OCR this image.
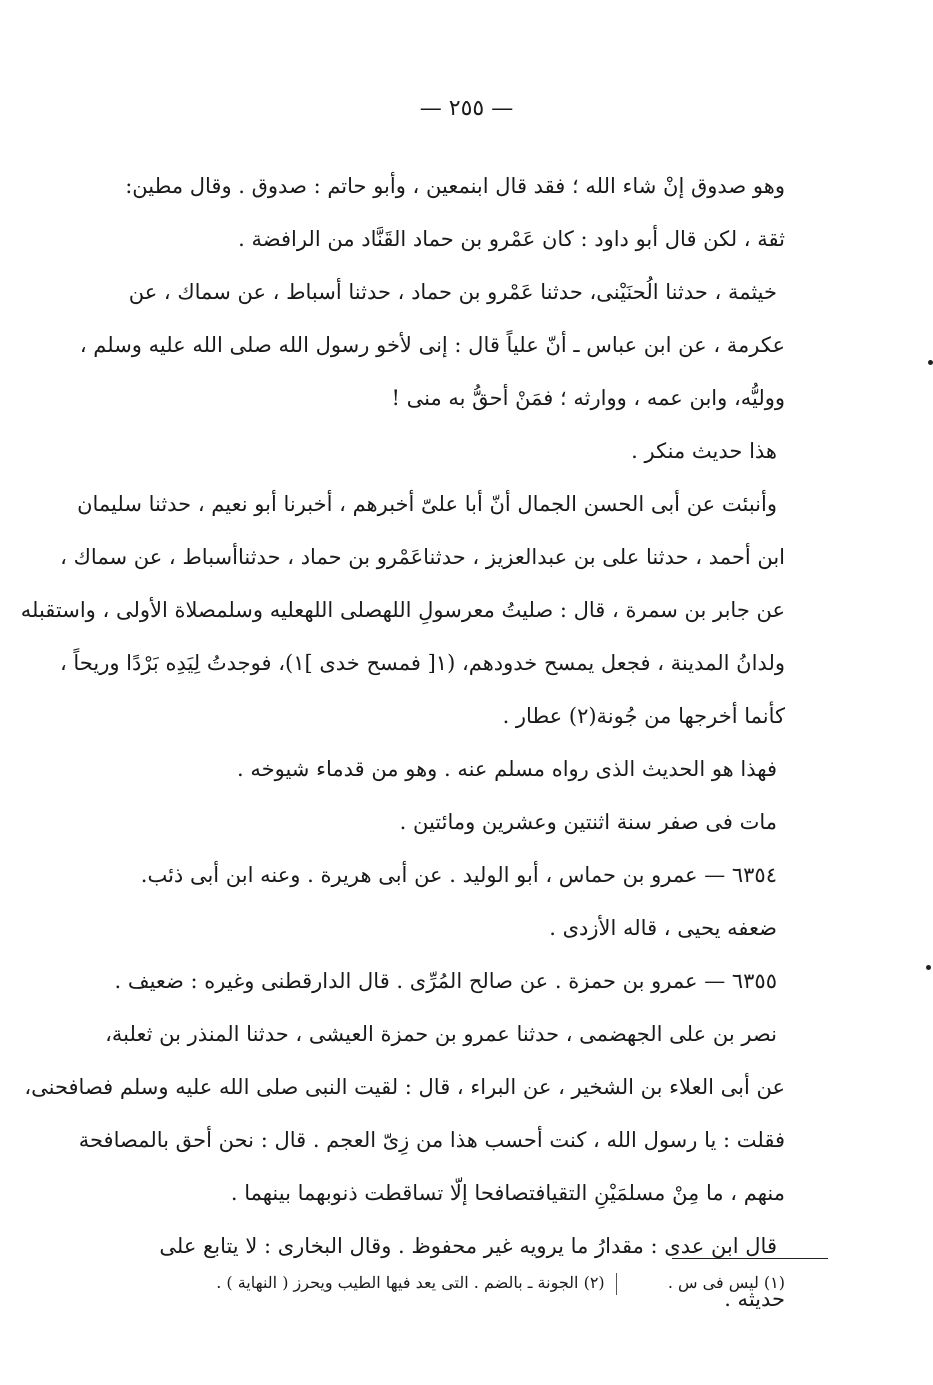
— ٢٥٥ —
وهو صدوق إنْ شاء الله ؛ فقد قال ابنمعين ، وأبو حاتم : صدوق . وقال مطين:
ثقة ، لكن قال أبو داود : كان عَمْرو بن حماد القَنَّاد من الرافضة .
خيثمة ، حدثنا الُحنَيْنى، حدثنا عَمْرو بن حماد ، حدثنا أسباط ، عن سماك ، عن
عكرمة ، عن ابن عباس ـ أنّ علياً قال : إنى لأخو رسول الله صلى الله عليه وسلم ،
ووليُّه، وابن عمه ، ووارثه ؛ فمَنْ أحقُّ به منى !
هذا حديث منكر .
وأنبئت عن أبى الحسن الجمال أنّ أبا علىّ أخبرهم ، أخبرنا أبو نعيم ، حدثنا سليمان
ابن أحمد ، حدثنا على بن عبدالعزيز ، حدثناعَمْرو بن حماد ، حدثناأسباط ، عن سماك ،
عن جابر بن سمرة ، قال : صليتُ معرسولِ اللهصلى اللهعليه وسلمصلاة الأولى ، واستقبله
ولدانُ المدينة ، فجعل يمسح خدودهم، (١[ فمسح خدى ]١)، فوجدتُ لِيَدِه بَرْدًا وريحاً ،
كأنما أخرجها من جُونة(٢) عطار .
فهذا هو الحديث الذى رواه مسلم عنه . وهو من قدماء شيوخه .
مات فى صفر سنة اثنتين وعشرين ومائتين .
٦٣٥٤ — عمرو بن حماس ، أبو الوليد . عن أبى هريرة . وعنه ابن أبى ذئب.
ضعفه يحيى ، قاله الأزدى .
٦٣٥٥ — عمرو بن حمزة . عن صالح المُرِّى . قال الدارقطنى وغيره : ضعيف .
نصر بن على الجهضمى ، حدثنا عمرو بن حمزة العيشى ، حدثنا المنذر بن ثعلبة،
عن أبى العلاء بن الشخير ، عن البراء ، قال : لقيت النبى صلى الله عليه وسلم فصافحنى،
فقلت : يا رسول الله ، كنت أحسب هذا من زِىّ العجم . قال : نحن أحق بالمصافحة
منهم ، ما مِنْ مسلمَيْنِ التقيافتصافحا إلّا تساقطت ذنوبهما بينهما .
قال ابن عدى : مقدارُ ما يرويه غير محفوظ . وقال البخارى : لا يتابع على
حديثه .
(١) ليس فى س .  (٢) الجونة ـ بالضم . التى يعد فيها الطيب ويحرز ( النهاية ) .
